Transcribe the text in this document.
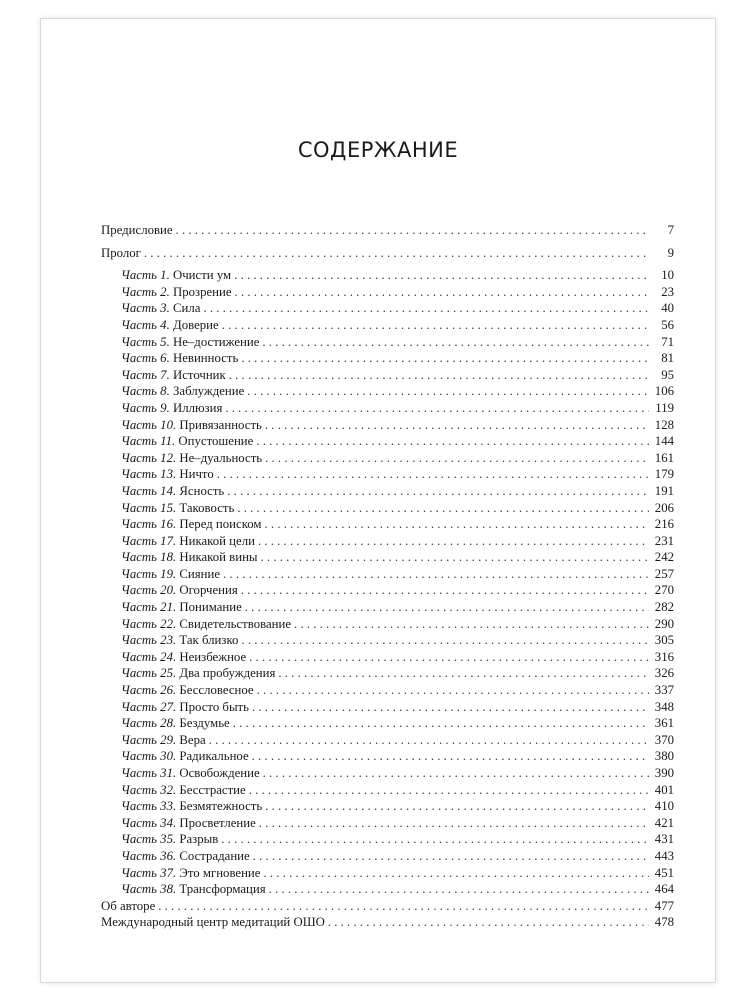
СОДЕРЖАНИЕ
Предисловие . . .	7
Пролог . . .	9
Часть 1. Очисти ум . . .	10
Часть 2. Прозрение . . .	23
Часть 3. Сила . . .	40
Часть 4. Доверие . . .	56
Часть 5. Не–достижение . . .	71
Часть 6. Невинность . . .	81
Часть 7. Источник . . .	95
Часть 8. Заблуждение . . .	106
Часть 9. Иллюзия . . .	119
Часть 10. Привязанность . . .	128
Часть 11. Опустошение . . .	144
Часть 12. Не–дуальность . . .	161
Часть 13. Ничто . . .	179
Часть 14. Ясность . . .	191
Часть 15. Таковость . . .	206
Часть 16. Перед поиском . . .	216
Часть 17. Никакой цели . . .	231
Часть 18. Никакой вины . . .	242
Часть 19. Сияние . . .	257
Часть 20. Огорчения . . .	270
Часть 21. Понимание . . .	282
Часть 22. Свидетельствование . . .	290
Часть 23. Так близко . . .	305
Часть 24. Неизбежное . . .	316
Часть 25. Два пробуждения . . .	326
Часть 26. Бессловесное . . .	337
Часть 27. Просто быть . . .	348
Часть 28. Бездумье . . .	361
Часть 29. Вера . . .	370
Часть 30. Радикальное . . .	380
Часть 31. Освобождение . . .	390
Часть 32. Бесстрастие . . .	401
Часть 33. Безмятежность . . .	410
Часть 34. Просветление . . .	421
Часть 35. Разрыв . . .	431
Часть 36. Сострадание . . .	443
Часть 37. Это мгновение . . .	451
Часть 38. Трансформация . . .	464
Об авторе . . .	477
Международный центр медитаций ОШО . . .	478
